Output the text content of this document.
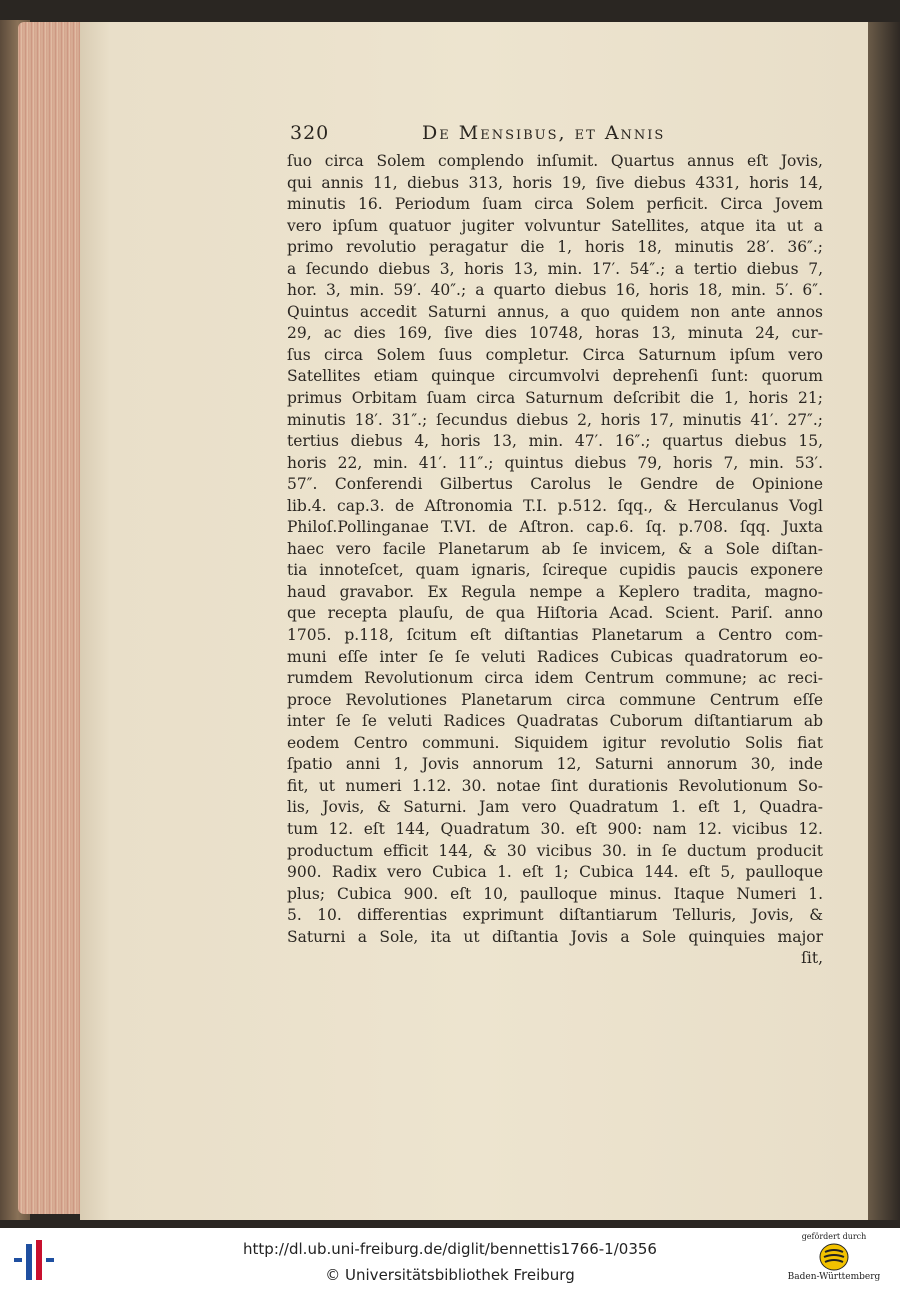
320	De Mensibus, et Annis
ſuo circa Solem complendo inſumit. Quartus annus eſt Jovis,
qui annis 11, diebus 313, horis 19, ſive diebus 4331, horis 14,
minutis 16. Periodum ſuam circa Solem perficit. Circa Jovem
vero ipſum quatuor jugiter volvuntur Satellites, atque ita ut a
primo revolutio peragatur die 1, horis 18, minutis 28′. 36″.;
a ſecundo diebus 3, horis 13, min. 17′. 54″.; a tertio diebus 7,
hor. 3, min. 59′. 40″.; a quarto diebus 16, horis 18, min. 5′. 6″.
Quintus accedit Saturni annus, a quo quidem non ante annos
29, ac dies 169, ſive dies 10748, horas 13, minuta 24, cur-
ſus circa Solem ſuus completur. Circa Saturnum ipſum vero
Satellites etiam quinque circumvolvi deprehenſi ſunt: quorum
primus Orbitam ſuam circa Saturnum deſcribit die 1, horis 21;
minutis 18′. 31″.; ſecundus diebus 2, horis 17, minutis 41′. 27″.;
tertius diebus 4, horis 13, min. 47′. 16″.; quartus diebus 15,
horis 22, min. 41′. 11″.; quintus diebus 79, horis 7, min. 53′.
57″. Conferendi Gilbertus Carolus le Gendre de Opinione
lib.4. cap.3. de Aſtronomia T.I. p.512. ſqq., & Herculanus Vogl
Philoſ.Pollinganae T.VI. de Aſtron. cap.6. ſq. p.708. ſqq. Juxta
haec vero facile Planetarum ab ſe invicem, & a Sole diſtan-
tia innoteſcet, quam ignaris, ſcireque cupidis paucis exponere
haud gravabor. Ex Regula nempe a Keplero tradita, magno-
que recepta plauſu, de qua Hiſtoria Acad. Scient. Pariſ. anno
1705. p.118, ſcitum eſt diſtantias Planetarum a Centro com-
muni eſſe inter ſe ſe veluti Radices Cubicas quadratorum eo-
rumdem Revolutionum circa idem Centrum commune; ac reci-
proce Revolutiones Planetarum circa commune Centrum eſſe
inter ſe ſe veluti Radices Quadratas Cuborum diſtantiarum ab
eodem Centro communi. Siquidem igitur revolutio Solis fiat
ſpatio anni 1, Jovis annorum 12, Saturni annorum 30, inde
fit, ut numeri 1.12. 30. notae ſint durationis Revolutionum So-
lis, Jovis, & Saturni. Jam vero Quadratum 1. eſt 1, Quadra-
tum 12. eſt 144, Quadratum 30. eſt 900: nam 12. vicibus 12.
productum efficit 144, & 30 vicibus 30. in ſe ductum producit
900. Radix vero Cubica 1. eſt 1; Cubica 144. eſt 5, paulloque
plus; Cubica 900. eſt 10, paulloque minus. Itaque Numeri 1.
5. 10. differentias exprimunt diſtantiarum Telluris, Jovis, &
Saturni a Sole, ita ut diſtantia Jovis a Sole quinquies major
ſit,
http://dl.ub.uni-freiburg.de/diglit/bennettis1766-1/0356
© Universitätsbibliothek Freiburg
gefördert durch
Baden-Württemberg
